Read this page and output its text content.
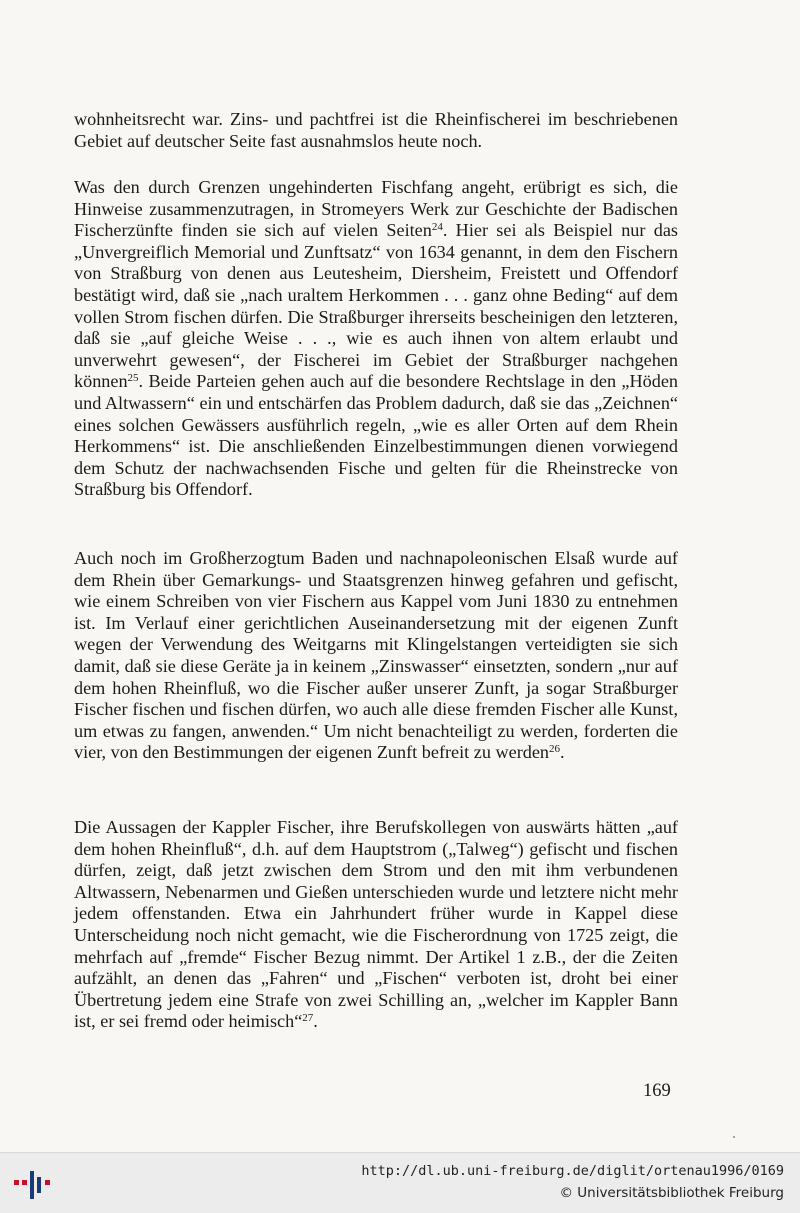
wohnheitsrecht war. Zins- und pachtfrei ist die Rheinfischerei im beschriebenen Gebiet auf deutscher Seite fast ausnahmslos heute noch.

Was den durch Grenzen ungehinderten Fischfang angeht, erübrigt es sich, die Hinweise zusammenzutragen, in Stromeyers Werk zur Geschichte der Badischen Fischerzünfte finden sie sich auf vielen Seiten$^{24}$. Hier sei als Beispiel nur das „Unvergreiflich Memorial und Zunftsatz“ von 1634 genannt, in dem den Fischern von Straßburg von denen aus Leutesheim, Diersheim, Freistett und Offendorf bestätigt wird, daß sie „nach uraltem Herkommen . . . ganz ohne Beding“ auf dem vollen Strom fischen dürfen. Die Straßburger ihrerseits bescheinigen den letzteren, daß sie „auf gleiche Weise . . ., wie es auch ihnen von altem erlaubt und unverwehrt gewesen“, der Fischerei im Gebiet der Straßburger nachgehen können$^{25}$. Beide Parteien gehen auch auf die besondere Rechtslage in den „Höden und Altwassern“ ein und entschärfen das Problem dadurch, daß sie das „Zeichnen“ eines solchen Gewässers ausführlich regeln, „wie es aller Orten auf dem Rhein Herkommens“ ist. Die anschließenden Einzelbestimmungen dienen vorwiegend dem Schutz der nachwachsenden Fische und gelten für die Rheinstrecke von Straßburg bis Offendorf.

Auch noch im Großherzogtum Baden und nachnapoleonischen Elsaß wurde auf dem Rhein über Gemarkungs- und Staatsgrenzen hinweg gefahren und gefischt, wie einem Schreiben von vier Fischern aus Kappel vom Juni 1830 zu entnehmen ist. Im Verlauf einer gerichtlichen Auseinandersetzung mit der eigenen Zunft wegen der Verwendung des Weitgarns mit Klingelstangen verteidigten sie sich damit, daß sie diese Geräte ja in keinem „Zinswasser“ einsetzten, sondern „nur auf dem hohen Rheinfluß, wo die Fischer außer unserer Zunft, ja sogar Straßburger Fischer fischen und fischen dürfen, wo auch alle diese fremden Fischer alle Kunst, um etwas zu fangen, anwenden.“ Um nicht benachteiligt zu werden, forderten die vier, von den Bestimmungen der eigenen Zunft befreit zu werden$^{26}$.

Die Aussagen der Kappler Fischer, ihre Berufskollegen von auswärts hätten „auf dem hohen Rheinfluß“, d.h. auf dem Hauptstrom („Talweg“) gefischt und fischen dürfen, zeigt, daß jetzt zwischen dem Strom und den mit ihm verbundenen Altwassern, Nebenarmen und Gießen unterschieden wurde und letztere nicht mehr jedem offenstanden. Etwa ein Jahrhundert früher wurde in Kappel diese Unterscheidung noch nicht gemacht, wie die Fischerordnung von 1725 zeigt, die mehrfach auf „fremde“ Fischer Bezug nimmt. Der Artikel 1 z.B., der die Zeiten aufzählt, an denen das „Fahren“ und „Fischen“ verboten ist, droht bei einer Übertretung jedem eine Strafe von zwei Schilling an, „welcher im Kappler Bann ist, er sei fremd oder heimisch“$^{27}$.

169
http://dl.ub.uni-freiburg.de/diglit/ortenau1996/0169
© Universitätsbibliothek Freiburg
